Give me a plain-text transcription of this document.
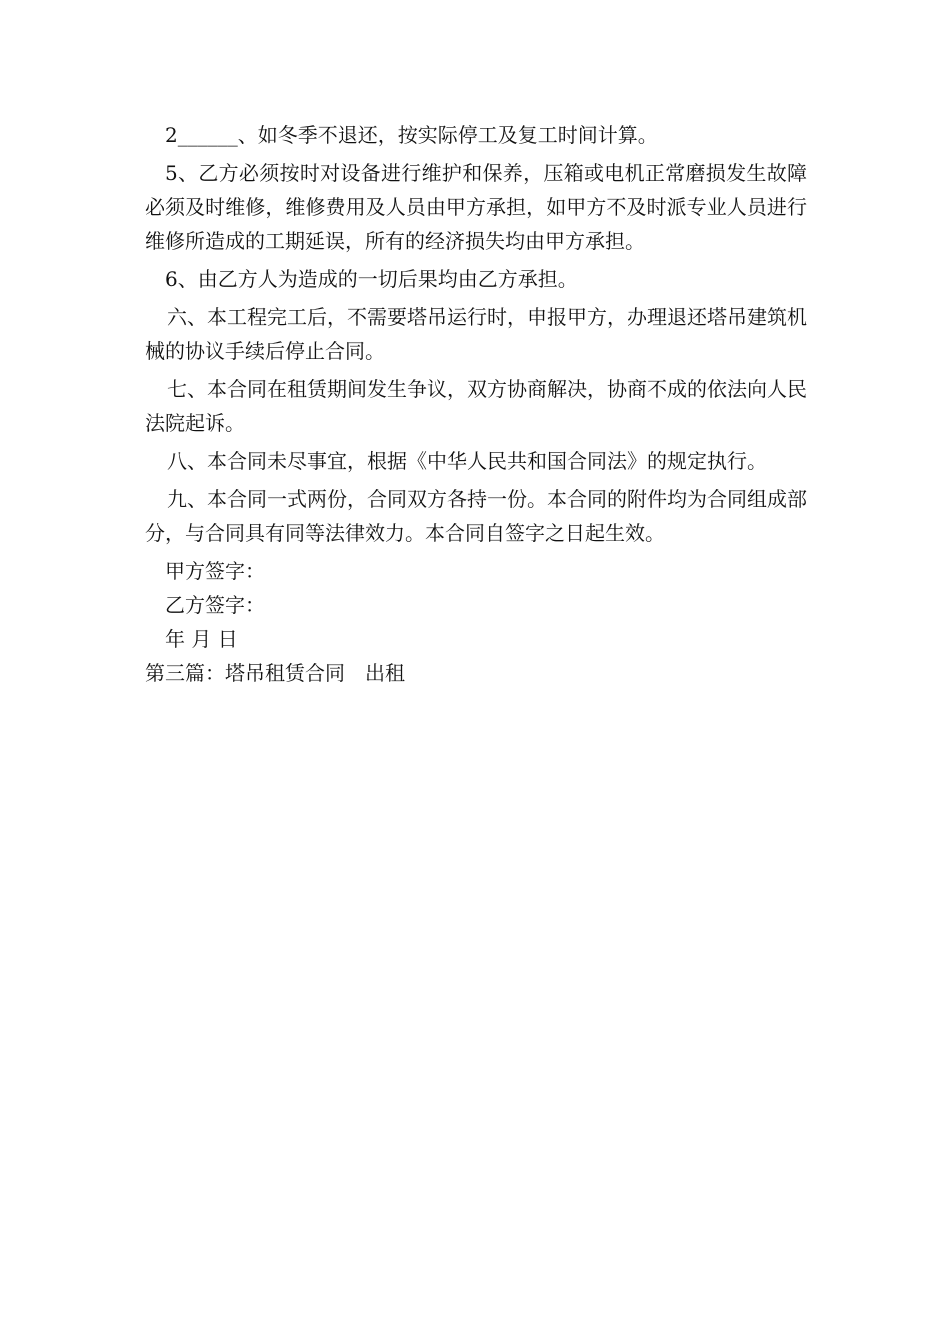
2______、如冬季不退还，按实际停工及复工时间计算。

5、乙方必须按时对设备进行维护和保养，压箱或电机正常磨损发生故障必须及时维修，维修费用及人员由甲方承担，如甲方不及时派专业人员进行维修所造成的工期延误，所有的经济损失均由甲方承担。

6、由乙方人为造成的一切后果均由乙方承担。

六、本工程完工后，不需要塔吊运行时，申报甲方，办理退还塔吊建筑机械的协议手续后停止合同。

七、本合同在租赁期间发生争议，双方协商解决，协商不成的依法向人民法院起诉。

八、本合同未尽事宜，根据《中华人民共和国合同法》的规定执行。

九、本合同一式两份，合同双方各持一份。本合同的附件均为合同组成部分，与合同具有同等法律效力。本合同自签字之日起生效。

甲方签字：

乙方签字：

年 月 日

第三篇：塔吊租赁合同　出租
